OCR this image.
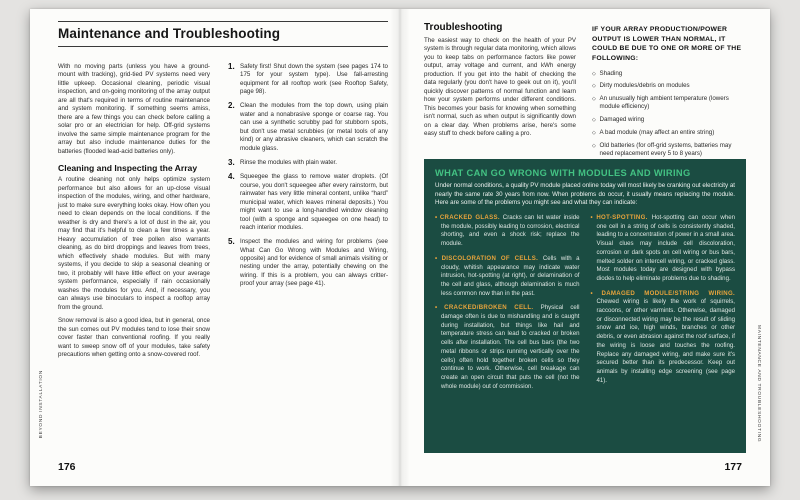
Maintenance and Troubleshooting

With no moving parts (unless you have a ground-mount with tracking), grid-tied PV systems need very little upkeep. Occasional cleaning, periodic visual inspection, and on-going monitoring of the array output are all that's required in terms of routine maintenance and system monitoring. If something seems amiss, there are a few things you can check before calling a solar pro or an electrician for help. Off-grid systems involve the same simple maintenance program for the array but also include maintenance duties for the batteries (flooded lead-acid batteries only).

Cleaning and Inspecting the Array

A routine cleaning not only helps optimize system performance but also allows for an up-close visual inspection of the modules, wiring, and other hardware, just to make sure everything looks okay. How often you need to clean depends on the local conditions. If the weather is dry and there's a lot of dust in the air, you may find that it's helpful to clean a few times a year. Heavy accumulation of tree pollen also warrants cleaning, as do bird droppings and leaves from trees, which effectively shade modules. But with many systems, if you decide to skip a seasonal cleaning or two, it probably will have little effect on your average system performance, especially if rain occasionally washes the modules for you. And, if necessary, you can always use binoculars to inspect a rooftop array from the ground.

Snow removal is also a good idea, but in general, once the sun comes out PV modules tend to lose their snow cover faster than conventional roofing. If you really want to sweep snow off of your modules, take safety precautions when getting onto a snow-covered roof.

1. Safety first! Shut down the system (see pages 174 to 175 for your system type). Use fall-arresting equipment for all rooftop work (see Rooftop Safety, page 98).
2. Clean the modules from the top down, using plain water and a nonabrasive sponge or coarse rag. You can use a synthetic scrubby pad for stubborn spots, but don't use metal scrubbies (or metal tools of any kind) or any abrasive cleaners, which can scratch the module glass.
3. Rinse the modules with plain water.
4. Squeegee the glass to remove water droplets. (Of course, you don't squeegee after every rainstorm, but rainwater has very little mineral content, unlike “hard” municipal water, which leaves mineral deposits.) You might want to use a long-handled window cleaning tool (with a sponge and squeegee on one head) to reach interior modules.
5. Inspect the modules and wiring for problems (see What Can Go Wrong with Modules and Wiring, opposite) and for evidence of small animals visiting or nesting under the array, potentially chewing on the wiring. If this is a problem, you can always critter-proof your array (see page 41).
176
BEYOND INSTALLATION
Troubleshooting

The easiest way to check on the health of your PV system is through regular data monitoring, which allows you to keep tabs on performance factors like power output, array voltage and current, and kWh energy production. If you get into the habit of checking the data regularly (you don't have to geek out on it), you'll quickly discover patterns of normal function and learn how your system performs under different conditions. This becomes your basis for knowing when something isn't normal, such as when output is significantly down on a clear day. When problems arise, here's some easy stuff to check before calling a pro.

IF YOUR ARRAY PRODUCTION/POWER OUTPUT IS LOWER THAN NORMAL, IT COULD BE DUE TO ONE OR MORE OF THE FOLLOWING:
◇ Shading
◇ Dirty modules/debris on modules
◇ An unusually high ambient temperature (lowers module efficiency)
◇ Damaged wiring
◇ A bad module (may affect an entire string)
◇ Old batteries (for off-grid systems, batteries may need replacement every 5 to 8 years)
WHAT CAN GO WRONG WITH MODULES AND WIRING

Under normal conditions, a quality PV module placed online today will most likely be cranking out electricity at nearly the same rate 30 years from now. When problems do occur, it usually means replacing the module. Here are some of the problems you might see and what they can indicate:

• CRACKED GLASS. Cracks can let water inside the module, possibly leading to corrosion, electrical shorting, and even a shock risk; replace the module.
• DISCOLORATION OF CELLS. Cells with a cloudy, whitish appearance may indicate water intrusion, hot-spotting (at right), or delamination of the cell and glass, although delamination is much less common now than in the past.
• CRACKED/BROKEN CELL. Physical cell damage often is due to mishandling and is caught during installation, but things like hail and temperature stress can lead to cracked or broken cells after installation. The cell bus bars (the two metal ribbons or strips running vertically over the cells) often hold together broken cells so they continue to work. Otherwise, cell breakage can create an open circuit that puts the cell (not the whole module) out of commission.
• HOT-SPOTTING. Hot-spotting can occur when one cell in a string of cells is consistently shaded, leading to a concentration of power in a small area. Visual clues may include cell discoloration, corrosion or dark spots on cell wiring or bus bars, melted solder on intercell wiring, or cracked glass. Most modules today are designed with bypass diodes to help eliminate problems due to shading.
• DAMAGED MODULE/STRING WIRING. Chewed wiring is likely the work of squirrels, raccoons, or other varmints. Otherwise, damaged or disconnected wiring may be the result of sliding snow and ice, high winds, branches or other debris, or even abrasion against the roof surface, if the wiring is loose and touches the roofing. Replace any damaged wiring, and make sure it's secured better than its predecessor. Keep out animals by installing edge screening (see page 41).
177
MAINTENANCE AND TROUBLESHOOTING
